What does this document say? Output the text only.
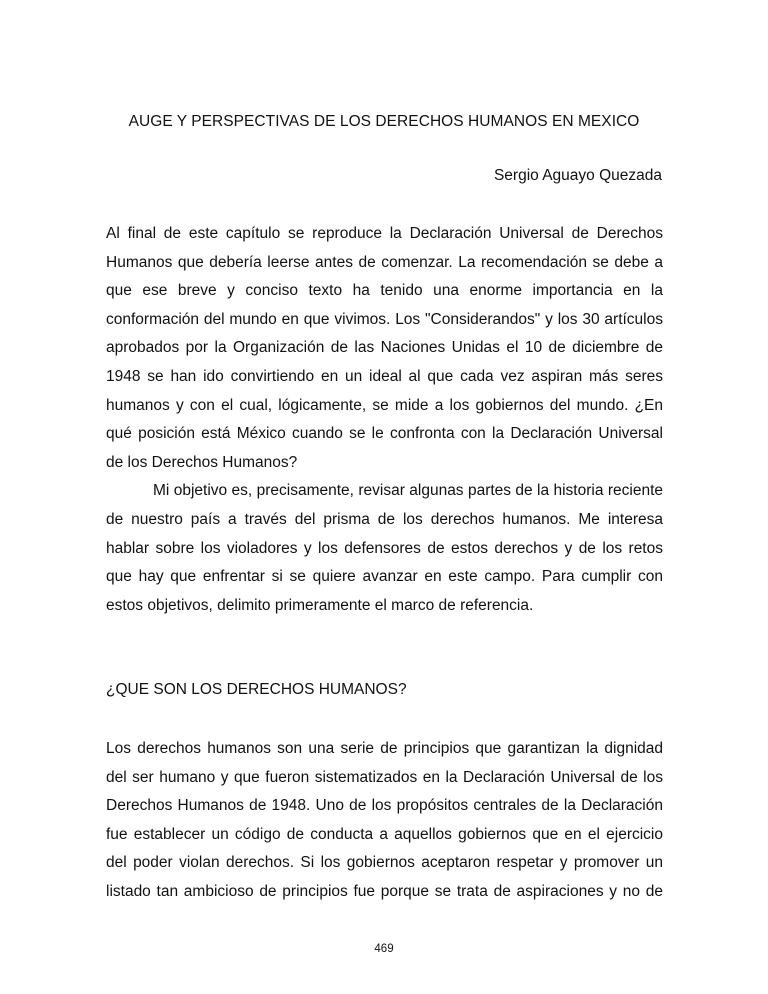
AUGE Y PERSPECTIVAS DE LOS DERECHOS HUMANOS EN MEXICO
Sergio Aguayo Quezada

Al final de este capítulo se reproduce la Declaración Universal de Derechos Humanos que debería leerse antes de comenzar. La recomendación se debe a que ese breve y conciso texto ha tenido una enorme importancia en la conformación del mundo en que vivimos. Los "Considerandos" y los 30 artículos aprobados por la Organización de las Naciones Unidas el 10 de diciembre de 1948 se han ido convirtiendo en un ideal al que cada vez aspiran más seres humanos y con el cual, lógicamente, se mide a los gobiernos del mundo. ¿En qué posición está México cuando se le confronta con la Declaración Universal de los Derechos Humanos?

Mi objetivo es, precisamente, revisar algunas partes de la historia reciente de nuestro país a través del prisma de los derechos humanos. Me interesa hablar sobre los violadores y los defensores de estos derechos y de los retos que hay que enfrentar si se quiere avanzar en este campo. Para cumplir con estos objetivos, delimito primeramente el marco de referencia.

¿QUE SON LOS DERECHOS HUMANOS?

Los derechos humanos son una serie de principios que garantizan la dignidad del ser humano y que fueron sistematizados en la Declaración Universal de los Derechos Humanos de 1948. Uno de los propósitos centrales de la Declaración fue establecer un código de conducta a aquellos gobiernos que en el ejercicio del poder violan derechos. Si los gobiernos aceptaron respetar y promover un listado tan ambicioso de principios fue porque se trata de aspiraciones y no de

469
